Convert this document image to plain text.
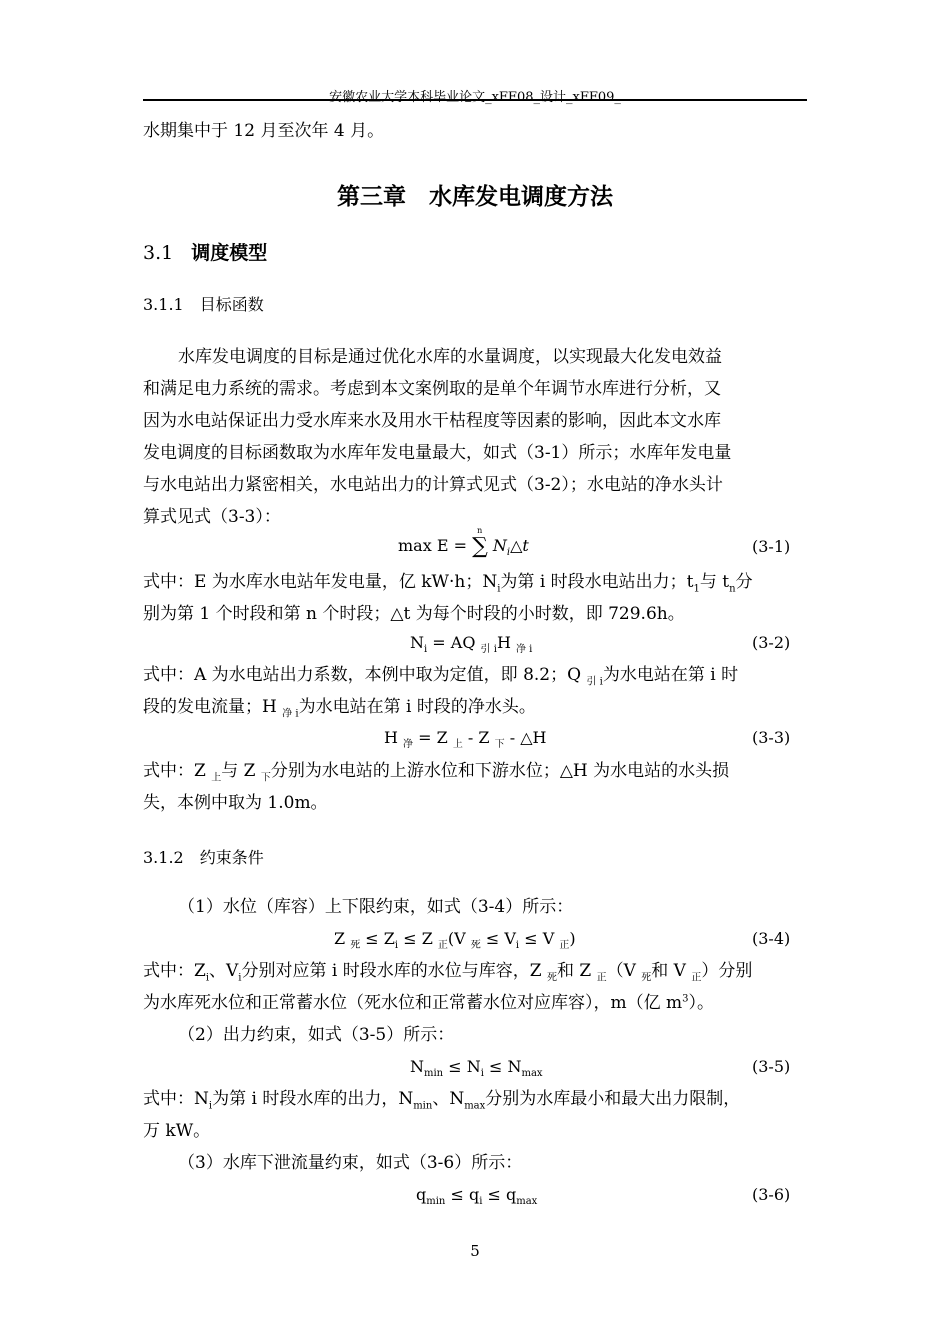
安徽农业大学本科毕业论文_xFF08_设计_xFF09_
水期集中于 12 月至次年 4 月。
第三章　水库发电调度方法
3.1 调度模型
3.1.1 目标函数
水库发电调度的目标是通过优化水库的水量调度，以实现最大化发电效益
和满足电力系统的需求。考虑到本文案例取的是单个年调节水库进行分析，又
因为水电站保证出力受水库来水及用水干枯程度等因素的影响，因此本文水库
发电调度的目标函数取为水库年发电量最大，如式（3-1）所示；水库年发电量
与水电站出力紧密相关，水电站出力的计算式见式（3-2）；水电站的净水头计
算式见式（3-3）：
max E =
n
∑ $N_i\triangle t$	(3-1)
式中：E 为水库水电站年发电量，亿 kW·h；$N_i$为第 i 时段水电站出力；$t_1$与 $t_n$分
别为第 1 个时段和第 n 个时段；△t 为每个时段的小时数，即 729.6h。
$N_i$ = AQ $_{引 i}$H $_{净 i}$	(3-2)
式中：A 为水电站出力系数，本例中取为定值，即 8.2；Q $_{引 i}$为水电站在第 i 时
段的发电流量；H $_{净 i}$为水电站在第 i 时段的净水头。
H $_净$ = Z $_上$ - Z $_下$ - △H	(3-3)
式中：Z $_上$与 Z $_下$分别为水电站的上游水位和下游水位；△H 为水电站的水头损
失，本例中取为 1.0m。
3.1.2 约束条件
（1）水位（库容）上下限约束，如式（3-4）所示：
Z $_死 \le Z_i \le Z$ $_正$(V $_死 \le V_i \le V$ $_正$)	(3-4)
式中：$Z_i$、$V_i$分别对应第 i 时段水库的水位与库容，Z $_死$和 Z $_正$（V $_死$和 V $_正$）分别
为水库死水位和正常蓄水位（死水位和正常蓄水位对应库容），m（亿 $m^3$）。
（2）出力约束，如式（3-5）所示：
$N_{min} \le N_i \le N_{max}$	(3-5)
式中：$N_i$为第 i 时段水库的出力，$N_{min}$、$N_{max}$分别为水库最小和最大出力限制，
万 kW。
（3）水库下泄流量约束，如式（3-6）所示：
$q_{min} \le q_i \le q_{max}$	(3-6)
5
